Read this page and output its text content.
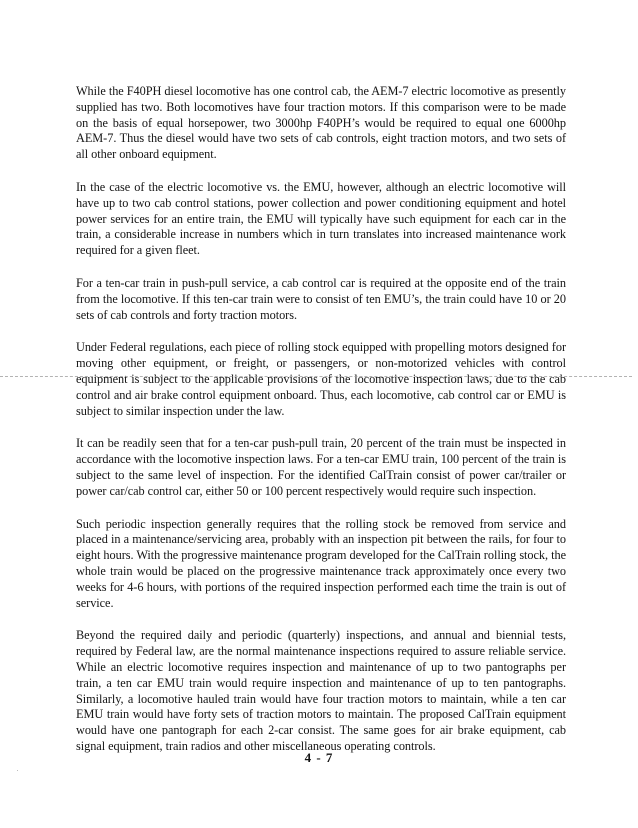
While the F40PH diesel locomotive has one control cab, the AEM-7 electric locomotive as presently supplied has two. Both locomotives have four traction motors. If this comparison were to be made on the basis of equal horsepower, two 3000hp F40PH’s would be required to equal one 6000hp AEM-7. Thus the diesel would have two sets of cab controls, eight traction motors, and two sets of all other onboard equipment.

In the case of the electric locomotive vs. the EMU, however, although an electric locomotive will have up to two cab control stations, power collection and power conditioning equipment and hotel power services for an entire train, the EMU will typically have such equipment for each car in the train, a considerable increase in numbers which in turn translates into increased maintenance work required for a given fleet.

For a ten-car train in push-pull service, a cab control car is required at the opposite end of the train from the locomotive. If this ten-car train were to consist of ten EMU’s, the train could have 10 or 20 sets of cab controls and forty traction motors.

Under Federal regulations, each piece of rolling stock equipped with propelling motors designed for moving other equipment, or freight, or passengers, or non-motorized vehicles with control equipment is subject to the applicable provisions of the locomotive inspection laws, due to the cab control and air brake control equipment onboard. Thus, each locomotive, cab control car or EMU is subject to similar inspection under the law.

It can be readily seen that for a ten-car push-pull train, 20 percent of the train must be inspected in accordance with the locomotive inspection laws. For a ten-car EMU train, 100 percent of the train is subject to the same level of inspection. For the identified CalTrain consist of power car/trailer or power car/cab control car, either 50 or 100 percent respectively would require such inspection.

Such periodic inspection generally requires that the rolling stock be removed from service and placed in a maintenance/servicing area, probably with an inspection pit between the rails, for four to eight hours. With the progressive maintenance program developed for the CalTrain rolling stock, the whole train would be placed on the progressive maintenance track approximately once every two weeks for 4-6 hours, with portions of the required inspection performed each time the train is out of service.

Beyond the required daily and periodic (quarterly) inspections, and annual and biennial tests, required by Federal law, are the normal maintenance inspections required to assure reliable service. While an electric locomotive requires inspection and maintenance of up to two pantographs per train, a ten car EMU train would require inspection and maintenance of up to ten pantographs. Similarly, a locomotive hauled train would have four traction motors to maintain, while a ten car EMU train would have forty sets of traction motors to maintain. The proposed CalTrain equipment would have one pantograph for each 2-car consist. The same goes for air brake equipment, cab signal equipment, train radios and other miscellaneous operating controls.

4 - 7
